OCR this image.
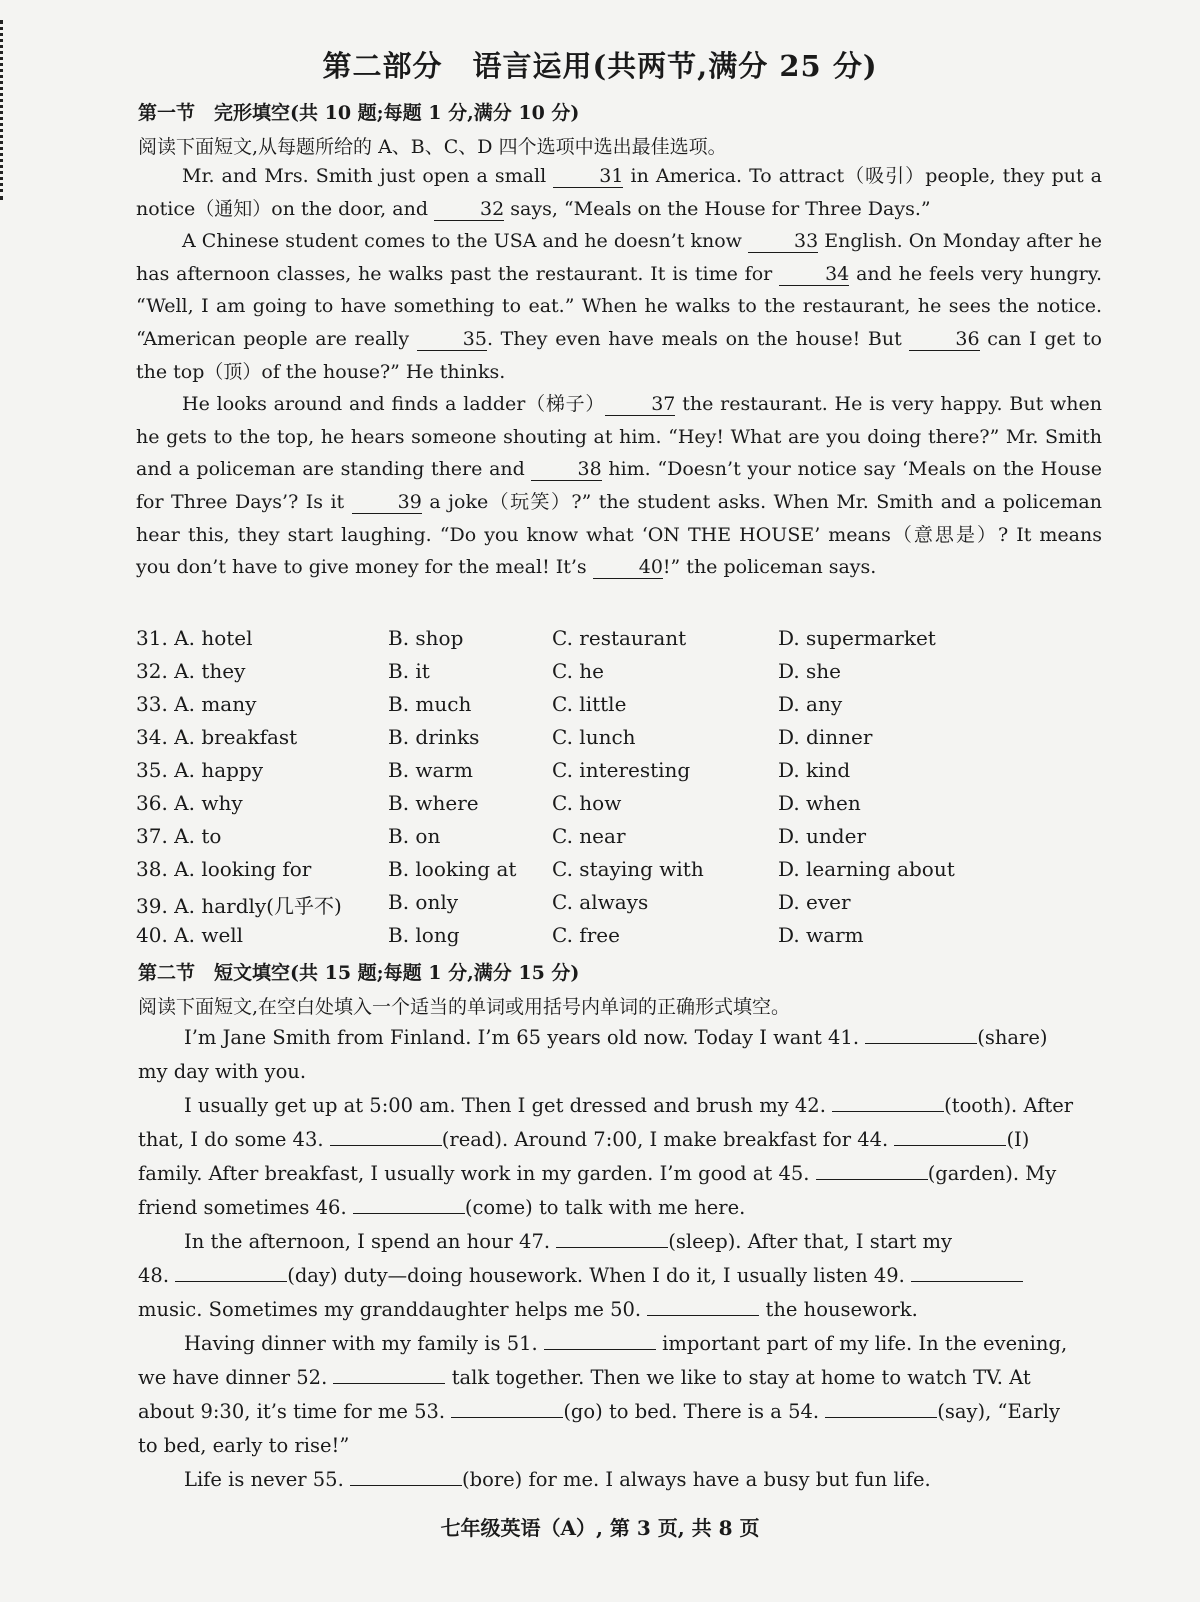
第二部分　语言运用(共两节,满分 25 分)
第一节　完形填空(共 10 题;每题 1 分,满分 10 分)
阅读下面短文,从每题所给的 A、B、C、D 四个选项中选出最佳选项。

Mr. and Mrs. Smith just open a small 31 in America. To attract（吸引）people, they put a notice（通知）on the door, and 32 says, “Meals on the House for Three Days.”

A Chinese student comes to the USA and he doesn’t know 33 English. On Monday after he has afternoon classes, he walks past the restaurant. It is time for 34 and he feels very hungry. “Well, I am going to have something to eat.” When he walks to the restaurant, he sees the notice. “American people are really 35. They even have meals on the house! But 36 can I get to the top（顶）of the house?” He thinks.

He looks around and finds a ladder（梯子） 37 the restaurant. He is very happy. But when he gets to the top, he hears someone shouting at him. “Hey! What are you doing there?” Mr. Smith and a policeman are standing there and 38 him. “Doesn’t your notice say ‘Meals on the House for Three Days’? Is it 39 a joke（玩笑）?” the student asks. When Mr. Smith and a policeman hear this, they start laughing. “Do you know what ‘ON THE HOUSE’ means（意思是）? It means you don’t have to give money for the meal! It’s 40!” the policeman says.

31. A. hotel	B. shop	C. restaurant	D. supermarket
32. A. they	B. it	C. he	D. she
33. A. many	B. much	C. little	D. any
34. A. breakfast	B. drinks	C. lunch	D. dinner
35. A. happy	B. warm	C. interesting	D. kind
36. A. why	B. where	C. how	D. when
37. A. to	B. on	C. near	D. under
38. A. looking for	B. looking at C. staying with	D. learning about
39. A. hardly(几乎不) B. only	C. always	D. ever
40. A. well	B. long	C. free	D. warm
第二节　短文填空(共 15 题;每题 1 分,满分 15 分)
阅读下面短文,在空白处填入一个适当的单词或用括号内单词的正确形式填空。
I’m Jane Smith from Finland. I’m 65 years old now. Today I want 41.	(share)
my day with you.
I usually get up at 5:00 am. Then I get dressed and brush my 42.	(tooth). After
that, I do some 43.	(read). Around 7:00, I make breakfast for 44.	(I)
family. After breakfast, I usually work in my garden. I’m good at 45.	(garden). My
friend sometimes 46.	(come) to talk with me here.
In the afternoon, I spend an hour 47.	(sleep). After that, I start my
48.	(day) duty—doing housework. When I do it, I usually listen 49.
music. Sometimes my granddaughter helps me 50.	the housework.
Having dinner with my family is 51.	important part of my life. In the evening,
we have dinner 52.	talk together. Then we like to stay at home to watch TV. At
about 9:30, it’s time for me 53.	(go) to bed. There is a 54.	(say), “Early
to bed, early to rise!”
Life is never 55.	(bore) for me. I always have a busy but fun life.
七年级英语（A）, 第 3 页, 共 8 页
